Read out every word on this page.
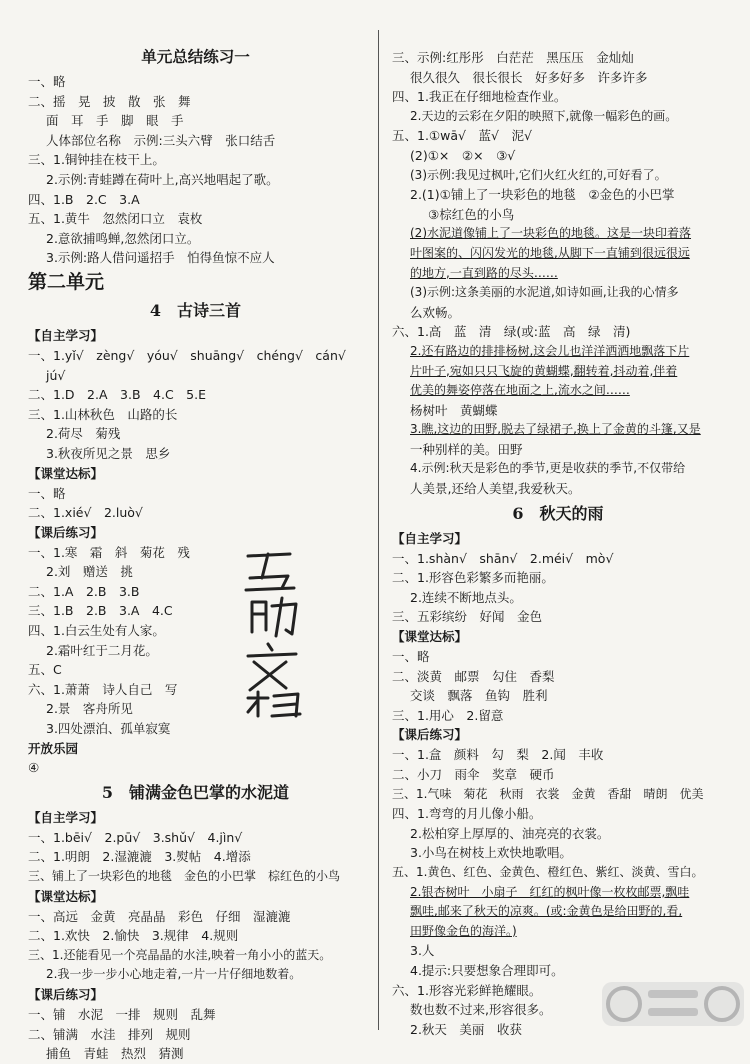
单元总结练习一
一、略
二、摇　晃　披　散　张　舞
面　耳　手　脚　眼　手
人体部位名称　示例:三头六臂　张口结舌
三、1.铜钟挂在枝干上。
2.示例:青蛙蹲在荷叶上,高兴地唱起了歌。
四、1.B　2.C　3.A
五、1.黄牛　忽然闭口立　袁枚
2.意欲捕鸣蝉,忽然闭口立。
3.示例:路人借问遥招手　怕得鱼惊不应人
第二单元
4　古诗三首
【自主学习】
一、1.yǐ√　zèng√　yóu√　shuāng√　chéng√　cán√
jú√
二、1.D　2.A　3.B　4.C　5.E
三、1.山林秋色　山路的长
2.荷尽　菊残
3.秋夜所见之景　思乡
【课堂达标】
一、略
二、1.xié√　2.luò√
【课后练习】
一、1.寒　霜　斜　菊花　残
2.刘　赠送　挑
二、1.A　2.B　3.B
三、1.B　2.B　3.A　4.C
四、1.白云生处有人家。
2.霜叶红于二月花。
五、C
六、1.萧萧　诗人自己　写
2.景　客舟所见
3.四处漂泊、孤单寂寞
开放乐园
④
5　铺满金色巴掌的水泥道
【自主学习】
一、1.bēi√　2.pū√　3.shǔ√　4.jìn√
二、1.明朗　2.湿漉漉　3.熨帖　4.增添
三、铺上了一块彩色的地毯　金色的小巴掌　棕红色的小鸟
【课堂达标】
一、高远　金黄　亮晶晶　彩色　仔细　湿漉漉
二、1.欢快　2.愉快　3.规律　4.规则
三、1.还能看见一个亮晶晶的水洼,映着一角小小的蓝天。
2.我一步一步小心地走着,一片一片仔细地数着。
【课后练习】
一、铺　水泥　一排　规则　乱舞
二、铺满　水洼　排列　规则
捕鱼　青蛙　热烈　猜测
三、示例:红彤彤　白茫茫　黑压压　金灿灿
很久很久　很长很长　好多好多　许多许多
四、1.我正在仔细地检查作业。
2.天边的云彩在夕阳的映照下,就像一幅彩色的画。
五、1.①wā√　蓝√　泥√
(2)①×　②×　③√
(3)示例:我见过枫叶,它们火红火红的,可好看了。
2.(1)①铺上了一块彩色的地毯　②金色的小巴掌
③棕红色的小鸟
(2)水泥道像铺上了一块彩色的地毯。这是一块印着落
叶图案的、闪闪发光的地毯,从脚下一直铺到很远很远
的地方,一直到路的尽头……
(3)示例:这条美丽的水泥道,如诗如画,让我的心情多
么欢畅。
六、1.高　蓝　清　绿(或:蓝　高　绿　清)
2.还有路边的排排杨树,这会儿也洋洋洒洒地飘落下片
片叶子,宛如只只飞旋的黄蝴蝶,翻转着,抖动着,伴着
优美的舞姿停落在地面之上,流水之间……
杨树叶　黄蝴蝶
3.瞧,这边的田野,脱去了绿裙子,换上了金黄的斗篷,又是
一种别样的美。田野
4.示例:秋天是彩色的季节,更是收获的季节,不仅带给
人美景,还给人美望,我爱秋天。
6　秋天的雨
【自主学习】
一、1.shàn√　shān√　2.méi√　mò√
二、1.形容色彩繁多而艳丽。
2.连续不断地点头。
三、五彩缤纷　好闻　金色
【课堂达标】
一、略
二、淡黄　邮票　勾住　香梨
交谈　飘落　鱼钩　胜利
三、1.用心　2.留意
【课后练习】
一、1.盒　颜料　勾　梨　2.闻　丰收
二、小刀　雨伞　奖章　硬币
三、1.气味　菊花　秋雨　衣裳　金黄　香甜　晴朗　优美
四、1.弯弯的月儿像小船。
2.松柏穿上厚厚的、油亮亮的衣裳。
3.小鸟在树枝上欢快地歌唱。
五、1.黄色、红色、金黄色、橙红色、紫红、淡黄、雪白。
2.银杏树叶　小扇子　红红的枫叶像一枚枚邮票,飘哇
飘哇,邮来了秋天的凉爽。(或:金黄色是给田野的,看,
田野像金色的海洋。)
3.人
4.提示:只要想象合理即可。
六、1.形容光彩鲜艳耀眼。
数也数不过来,形容很多。
2.秋天　美丽　收获
